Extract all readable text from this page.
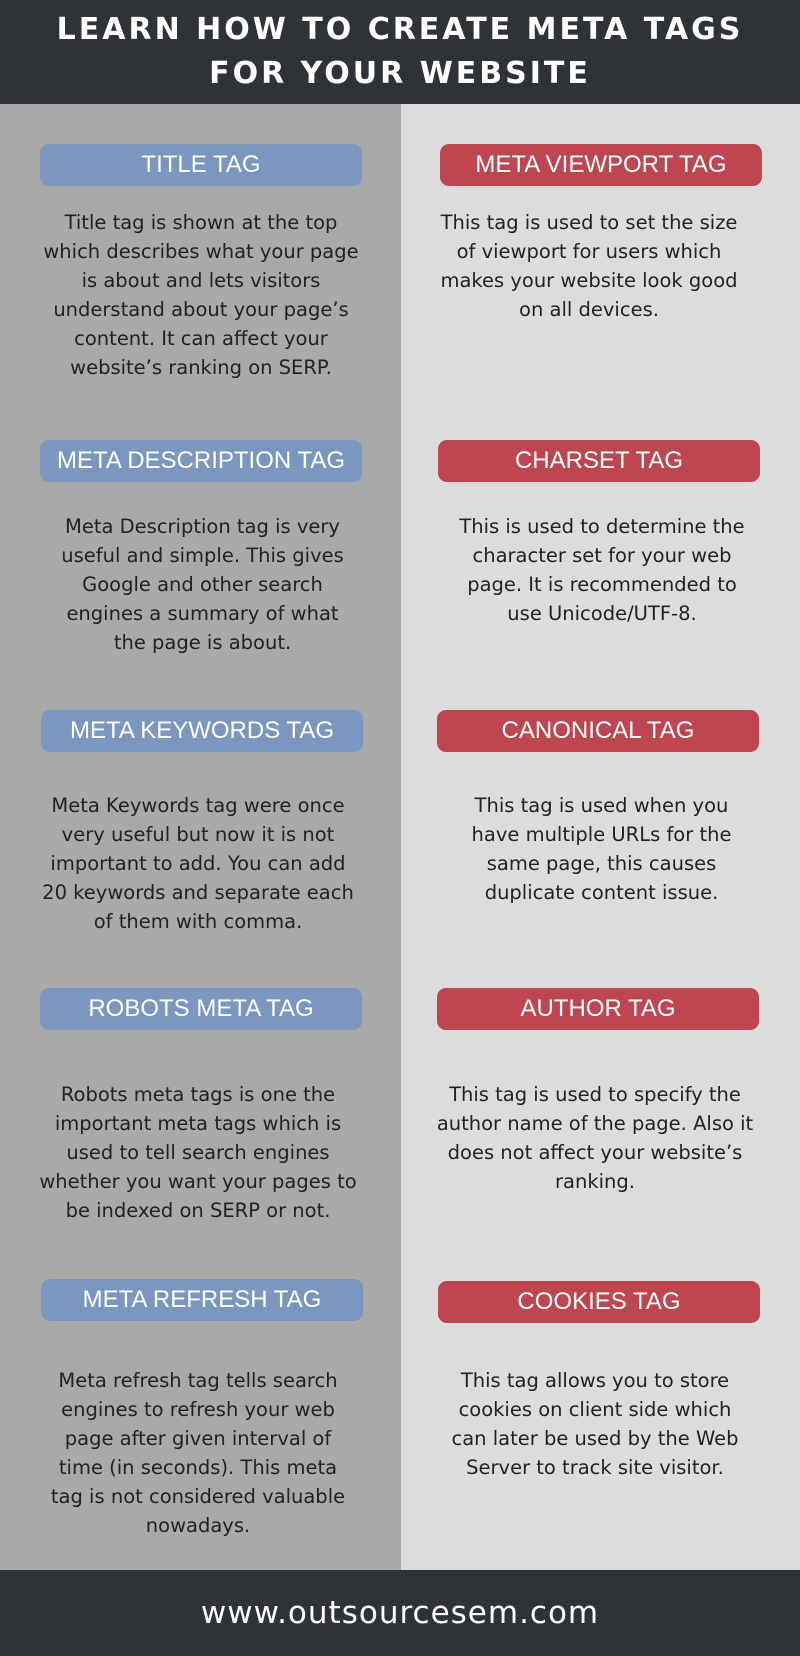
LEARN HOW TO CREATE META TAGS FOR YOUR WEBSITE
TITLE TAG
Title tag is shown at the top which describes what your page is about and lets visitors understand about your page’s content. It can affect your website’s ranking on SERP.
META DESCRIPTION TAG
Meta Description tag is very useful and simple. This gives Google and other search engines a summary of what the page is about.
META KEYWORDS TAG
Meta Keywords tag were once very useful but now it is not important to add. You can add 20 keywords and separate each of them with comma.
ROBOTS META TAG
Robots meta tags is one the important meta tags which is used to tell search engines whether you want your pages to be indexed on SERP or not.
META REFRESH TAG
Meta refresh tag tells search engines to refresh your web page after given interval of time (in seconds). This meta tag is not considered valuable nowadays.
META VIEWPORT TAG
This tag is used to set the size of viewport for users which makes your website look good on all devices.
CHARSET TAG
This is used to determine the character set for your web page. It is recommended to use Unicode/UTF-8.
CANONICAL TAG
This tag is used when you have multiple URLs for the same page, this causes duplicate content issue.
AUTHOR TAG
This tag is used to specify the author name of the page. Also it does not affect your website’s ranking.
COOKIES TAG
This tag allows you to store cookies on client side which can later be used by the Web Server to track site visitor.
www.outsourcesem.com
